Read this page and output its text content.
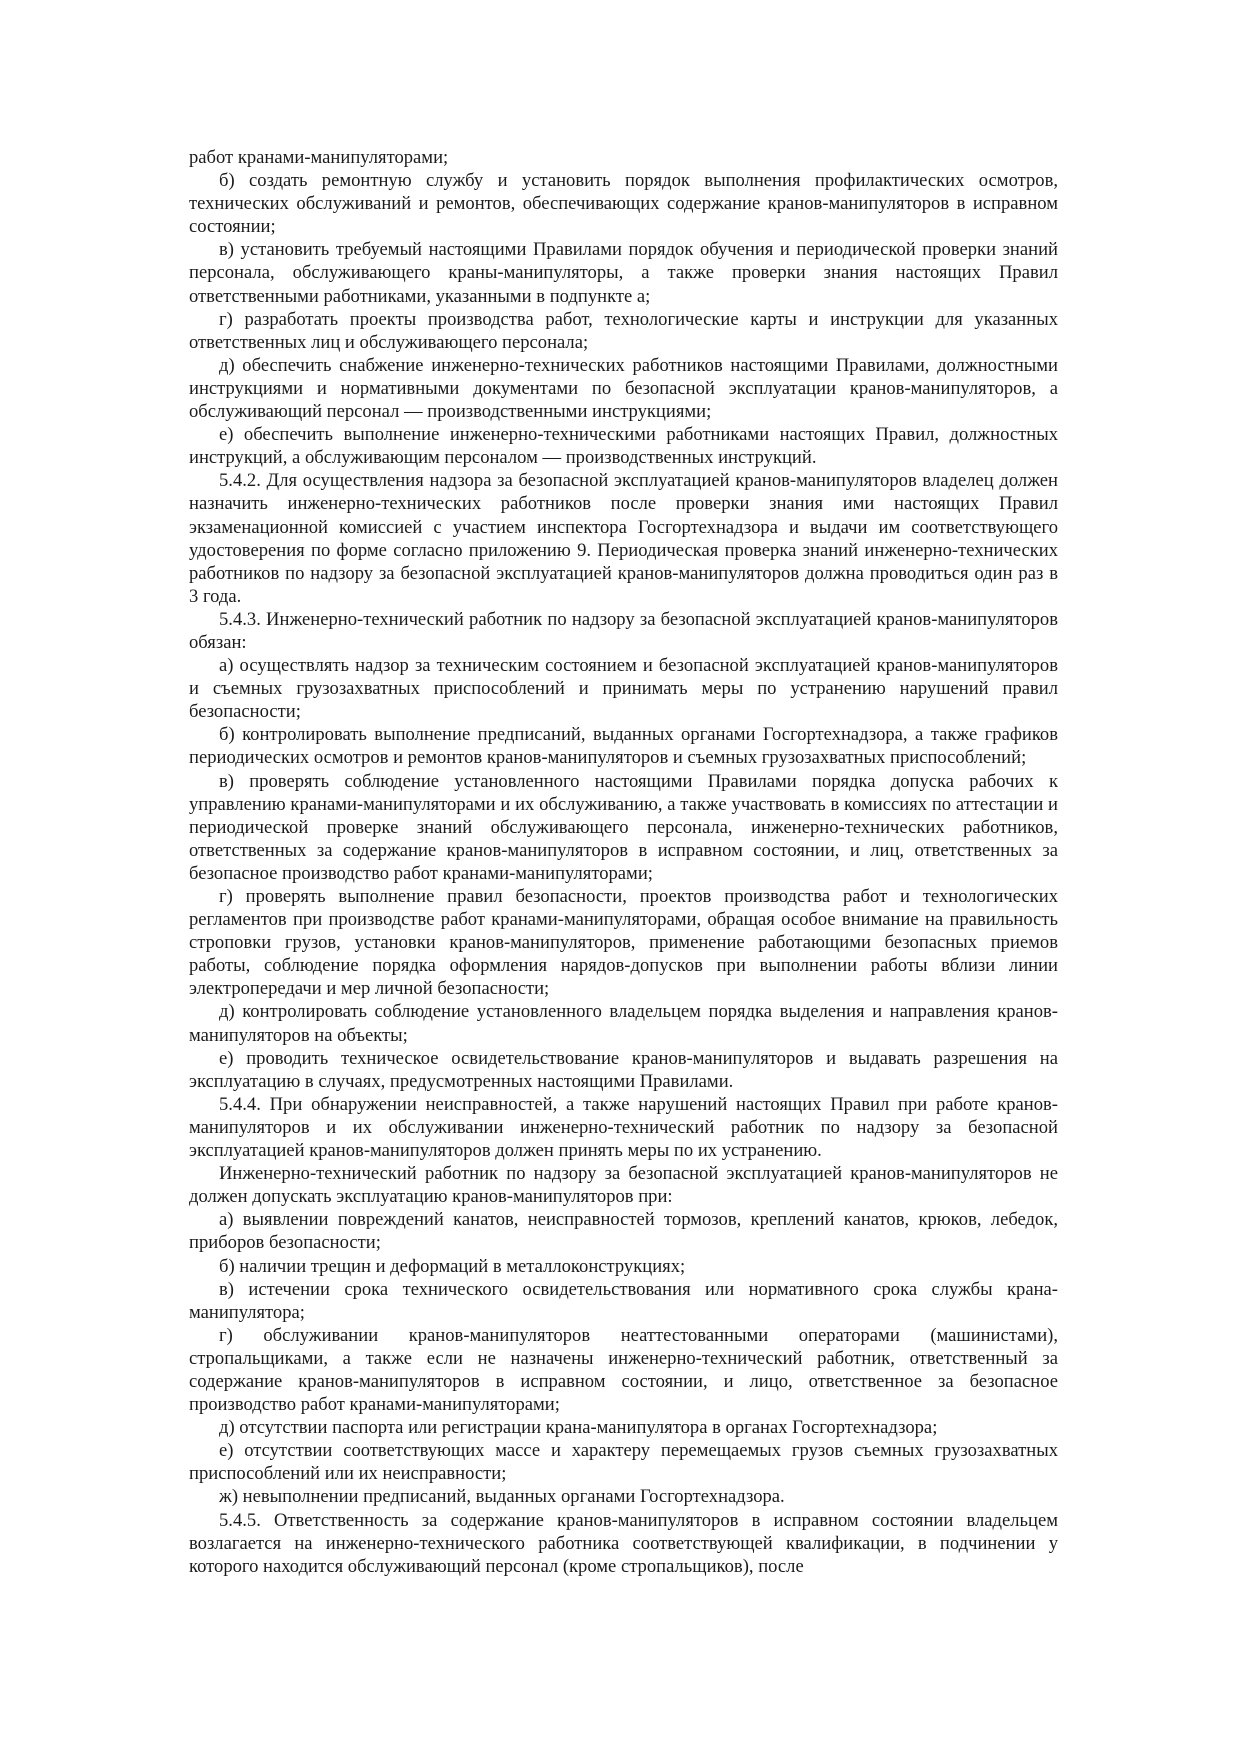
работ кранами-манипуляторами;

б) создать ремонтную службу и установить порядок выполнения профилактических осмотров, технических обслуживаний и ремонтов, обеспечивающих содержание кранов-манипуляторов в исправном состоянии;

в) установить требуемый настоящими Правилами порядок обучения и периодической проверки знаний персонала, обслуживающего краны-манипуляторы, а также проверки знания настоящих Правил ответственными работниками, указанными в подпункте а;

г) разработать проекты производства работ, технологические карты и инструкции для указанных ответственных лиц и обслуживающего персонала;

д) обеспечить снабжение инженерно-технических работников настоящими Правилами, должностными инструкциями и нормативными документами по безопасной эксплуатации кранов-манипуляторов, а обслуживающий персонал — производственными инструкциями;

е) обеспечить выполнение инженерно-техническими работниками настоящих Правил, должностных инструкций, а обслуживающим персоналом — производственных инструкций.

5.4.2. Для осуществления надзора за безопасной эксплуатацией кранов-манипуляторов владелец должен назначить инженерно-технических работников после проверки знания ими настоящих Правил экзаменационной комиссией с участием инспектора Госгортехнадзора и выдачи им соответствующего удостоверения по форме согласно приложению 9. Периодическая проверка знаний инженерно-технических работников по надзору за безопасной эксплуатацией кранов-манипуляторов должна проводиться один раз в 3 года.

5.4.3. Инженерно-технический работник по надзору за безопасной эксплуатацией кранов-манипуляторов обязан:

а) осуществлять надзор за техническим состоянием и безопасной эксплуатацией кранов-манипуляторов и съемных грузозахватных приспособлений и принимать меры по устранению нарушений правил безопасности;

б) контролировать выполнение предписаний, выданных органами Госгортехнадзора, а также графиков периодических осмотров и ремонтов кранов-манипуляторов и съемных грузозахватных приспособлений;

в) проверять соблюдение установленного настоящими Правилами порядка допуска рабочих к управлению кранами-манипуляторами и их обслуживанию, а также участвовать в комиссиях по аттестации и периодической проверке знаний обслуживающего персонала, инженерно-технических работников, ответственных за содержание кранов-манипуляторов в исправном состоянии, и лиц, ответственных за безопасное производство работ кранами-манипуляторами;

г) проверять выполнение правил безопасности, проектов производства работ и технологических регламентов при производстве работ кранами-манипуляторами, обращая особое внимание на правильность строповки грузов, установки кранов-манипуляторов, применение работающими безопасных приемов работы, соблюдение порядка оформления нарядов-допусков при выполнении работы вблизи линии электропередачи и мер личной безопасности;

д) контролировать соблюдение установленного владельцем порядка выделения и направления кранов-манипуляторов на объекты;

е) проводить техническое освидетельствование кранов-манипуляторов и выдавать разрешения на эксплуатацию в случаях, предусмотренных настоящими Правилами.

5.4.4. При обнаружении неисправностей, а также нарушений настоящих Правил при работе кранов-манипуляторов и их обслуживании инженерно-технический работник по надзору за безопасной эксплуатацией кранов-манипуляторов должен принять меры по их устранению.

Инженерно-технический работник по надзору за безопасной эксплуатацией кранов-манипуляторов не должен допускать эксплуатацию кранов-манипуляторов при:

а) выявлении повреждений канатов, неисправностей тормозов, креплений канатов, крюков, лебедок, приборов безопасности;

б) наличии трещин и деформаций в металлоконструкциях;

в) истечении срока технического освидетельствования или нормативного срока службы крана-манипулятора;

г) обслуживании кранов-манипуляторов неаттестованными операторами (машинистами), стропальщиками, а также если не назначены инженерно-технический работник, ответственный за содержание кранов-манипуляторов в исправном состоянии, и лицо, ответственное за безопасное производство работ кранами-манипуляторами;

д) отсутствии паспорта или регистрации крана-манипулятора в органах Госгортехнадзора;

е) отсутствии соответствующих массе и характеру перемещаемых грузов съемных грузозахватных приспособлений или их неисправности;

ж) невыполнении предписаний, выданных органами Госгортехнадзора.

5.4.5. Ответственность за содержание кранов-манипуляторов в исправном состоянии владельцем возлагается на инженерно-технического работника соответствующей квалификации, в подчинении у которого находится обслуживающий персонал (кроме стропальщиков), после
